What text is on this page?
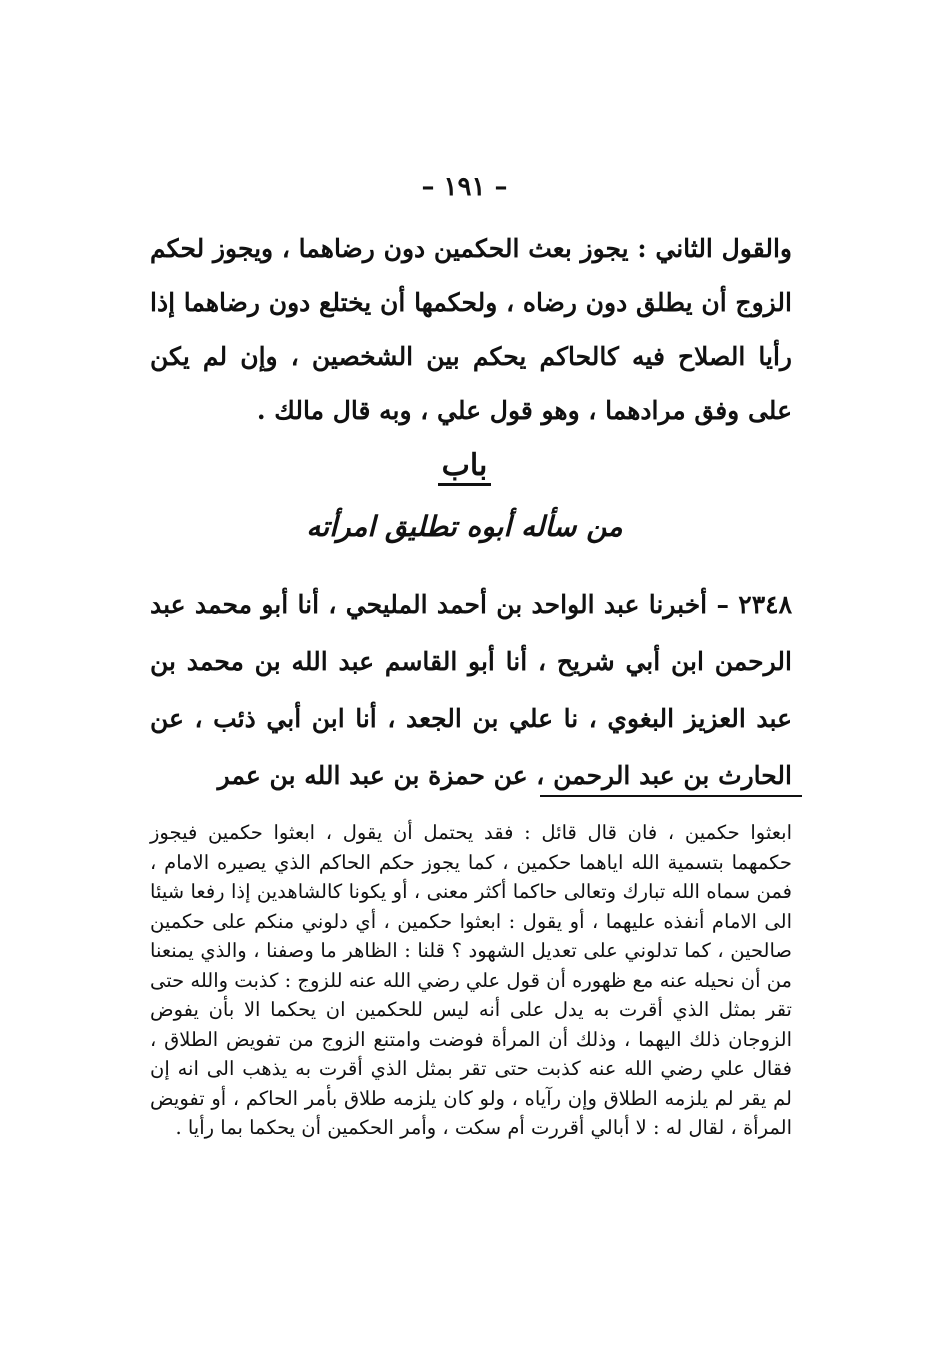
– ١٩١ –
والقول الثاني : يجوز بعث الحكمين دون رضاهما ، ويجوز لحكم الزوج أن يطلق دون رضاه ، ولحكمها أن يختلع دون رضاهما إذا رأيا الصلاح فيه كالحاكم يحكم بين الشخصين ، وإن لم يكن على وفق مرادهما ، وهو قول علي ، وبه قال مالك .
باب
من سأله أبوه تطليق امرأته
٢٣٤٨ – أخبرنا عبد الواحد بن أحمد المليحي ، أنا أبو محمد عبد الرحمن ابن أبي شريح ، أنا أبو القاسم عبد الله بن محمد بن عبد العزيز البغوي ، نا علي بن الجعد ، أنا ابن أبي ذئب ، عن الحارث بن عبد الرحمن ، عن حمزة بن عبد الله بن عمر
ابعثوا حكمين ، فان قال قائل : فقد يحتمل أن يقول ، ابعثوا حكمين فيجوز حكمهما بتسمية الله اياهما حكمين ، كما يجوز حكم الحاكم الذي يصيره الامام ، فمن سماه الله تبارك وتعالى حاكما أكثر معنى ، أو يكونا كالشاهدين إذا رفعا شيئا الى الامام أنفذه عليهما ، أو يقول : ابعثوا حكمين ، أي دلوني منكم على حكمين صالحين ، كما تدلوني على تعديل الشهود ؟ قلنا : الظاهر ما وصفنا ، والذي يمنعنا من أن نحيله عنه مع ظهوره أن قول علي رضي الله عنه للزوج : كذبت والله حتى تقر بمثل الذي أقرت به يدل على أنه ليس للحكمين ان يحكما الا بأن يفوض الزوجان ذلك اليهما ، وذلك أن المرأة فوضت وامتنع الزوج من تفويض الطلاق ، فقال علي رضي الله عنه كذبت حتى تقر بمثل الذي أقرت به يذهب الى انه إن لم يقر لم يلزمه الطلاق وإن رآياه ، ولو كان يلزمه طلاق بأمر الحاكم ، أو تفويض المرأة ، لقال له : لا أبالي أقررت أم سكت ، وأمر الحكمين أن يحكما بما رأيا .
